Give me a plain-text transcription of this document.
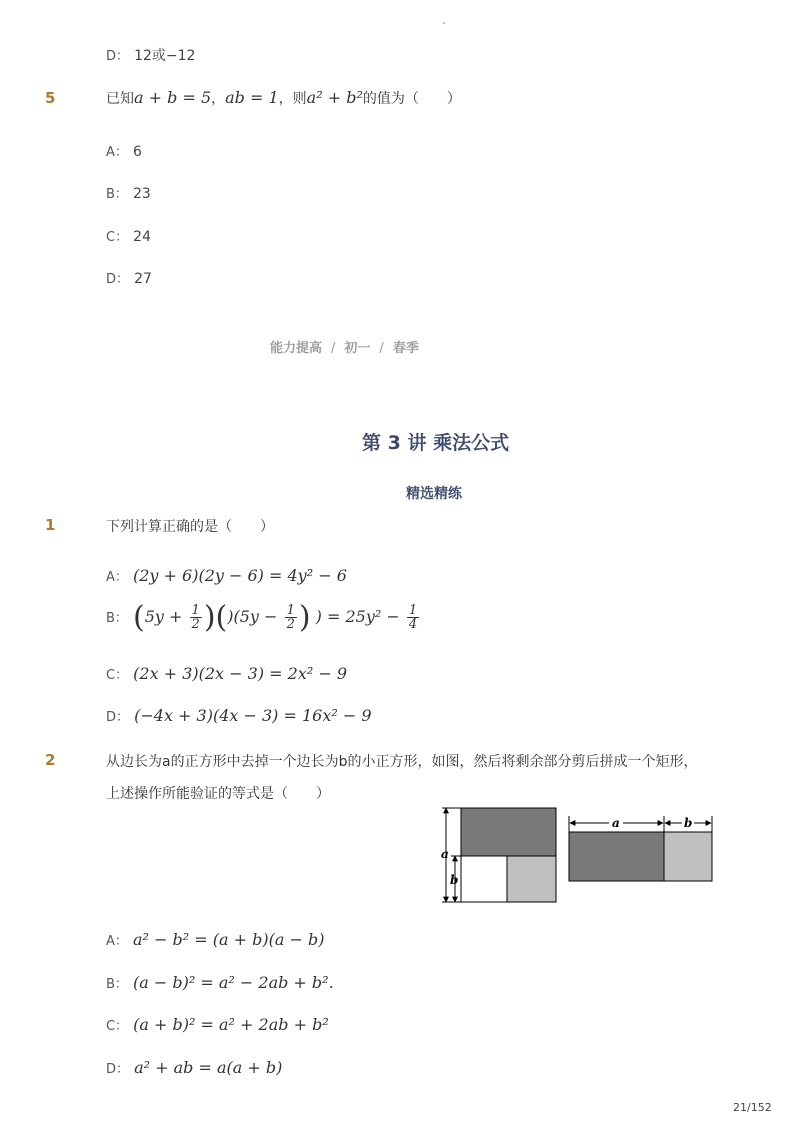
-
D： 12或−12
5	已知a + b = 5，ab = 1，则a² + b²的值为（　　）
A： 6
B： 23
C： 24
D： 27
能力提高 / 初一 / 春季
第 3 讲 乘法公式
精选精练
1	下列计算正确的是（　　）
A： (2y + 6)(2y − 6) = 4y² − 6
B： $(5y + \frac{1}{2} )()(5y - \frac{1}{2}$ ) ) = $25y^2 - \frac{1}{4}$
C： (2x + 3)(2x − 3) = 2x² − 9
D： (−4x + 3)(4x − 3) = 16x² − 9
2	从边长为a的正方形中去掉一个边长为b的小正方形，如图，然后将剩余部分剪后拼成一个矩形，
上述操作所能验证的等式是（　　）
a
b
a	b
A： a² − b² = (a + b)(a − b)
B： (a − b)² = a² − 2ab + b².
C： (a + b)² = a² + 2ab + b²
D： a² + ab = a(a + b)
21/152
